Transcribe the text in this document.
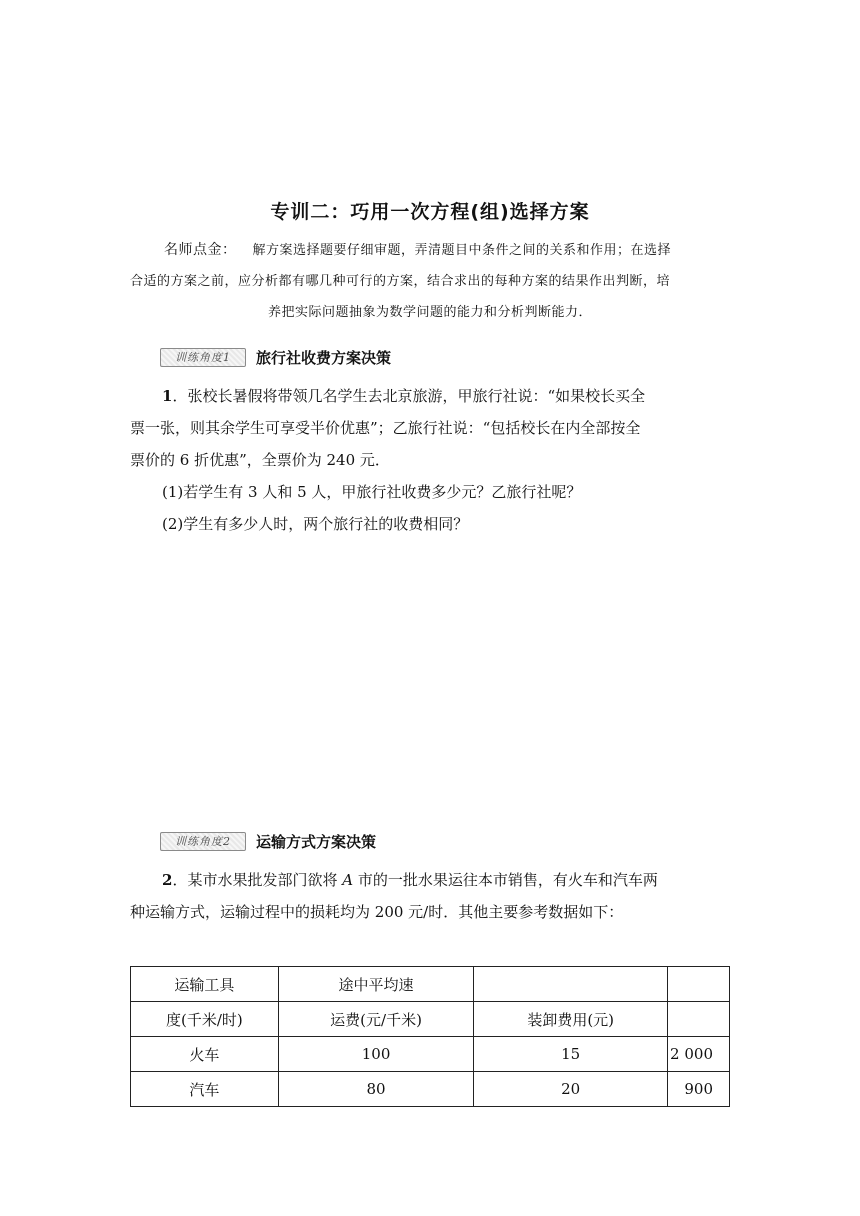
专训二：巧用一次方程(组)选择方案
名师点金： 解方案选择题要仔细审题，弄清题目中条件之间的关系和作用；在选择
合适的方案之前，应分析都有哪几种可行的方案，结合求出的每种方案的结果作出判断，培
养把实际问题抽象为数学问题的能力和分析判断能力．
训练角度1	旅行社收费方案决策

1．张校长暑假将带领几名学生去北京旅游，甲旅行社说：“如果校长买全

票一张，则其余学生可享受半价优惠”；乙旅行社说：“包括校长在内全部按全

票价的 6 折优惠”，全票价为 240 元．

(1)若学生有 3 人和 5 人，甲旅行社收费多少元？乙旅行社呢？

(2)学生有多少人时，两个旅行社的收费相同？

训练角度2	运输方式方案决策

2．某市水果批发部门欲将 A 市的一批水果运往本市销售，有火车和汽车两

种运输方式，运输过程中的损耗均为 200 元/时．其他主要参考数据如下：

运输工具	途中平均速		
度(千米/时)	运费(元/千米)	装卸费用(元)	
火车	100	15	2 000
汽车	80	20	900
